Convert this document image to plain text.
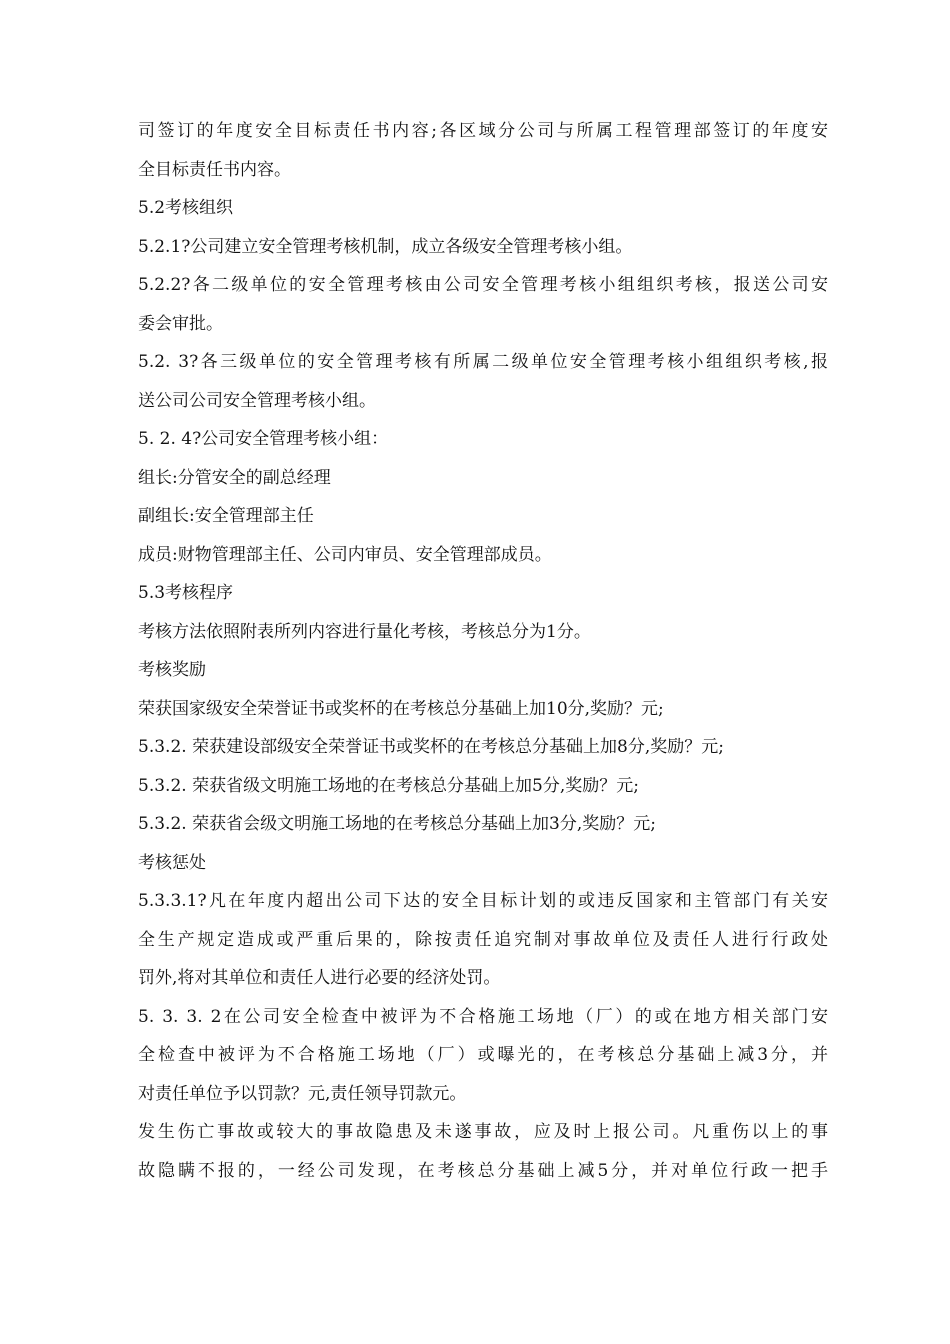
司签订的年度安全目标责任书内容;各区域分公司与所属工程管理部签订的年度安
全目标责任书内容。
5.2考核组织
5.2.1?公司建立安全管理考核机制，成立各级安全管理考核小组。
5.2.2?各二级单位的安全管理考核由公司安全管理考核小组组织考核，报送公司安
委会审批。
5.2. 3?各三级单位的安全管理考核有所属二级单位安全管理考核小组组织考核,报
送公司公司安全管理考核小组。
5. 2. 4?公司安全管理考核小组：
组长:分管安全的副总经理
副组长:安全管理部主任
成员:财物管理部主任、公司内审员、安全管理部成员。
5.3考核程序
考核方法依照附表所列内容进行量化考核，考核总分为1分。
考核奖励
荣获国家级安全荣誉证书或奖杯的在考核总分基础上加10分,奖励？元;
5.3.2. 荣获建设部级安全荣誉证书或奖杯的在考核总分基础上加8分,奖励？元;
5.3.2. 荣获省级文明施工场地的在考核总分基础上加5分,奖励？元;
5.3.2. 荣获省会级文明施工场地的在考核总分基础上加3分,奖励？元;
考核惩处
5.3.3.1?凡在年度内超出公司下达的安全目标计划的或违反国家和主管部门有关安
全生产规定造成或严重后果的，除按责任追究制对事故单位及责任人进行行政处
罚外,将对其单位和责任人进行必要的经济处罚。
5. 3. 3. 2在公司安全检查中被评为不合格施工场地（厂）的或在地方相关部门安
全检查中被评为不合格施工场地（厂）或曝光的，在考核总分基础上减3分，并
对责任单位予以罚款？元,责任领导罚款元。
发生伤亡事故或较大的事故隐患及未遂事故，应及时上报公司。凡重伤以上的事
故隐瞒不报的，一经公司发现，在考核总分基础上减5分，并对单位行政一把手
